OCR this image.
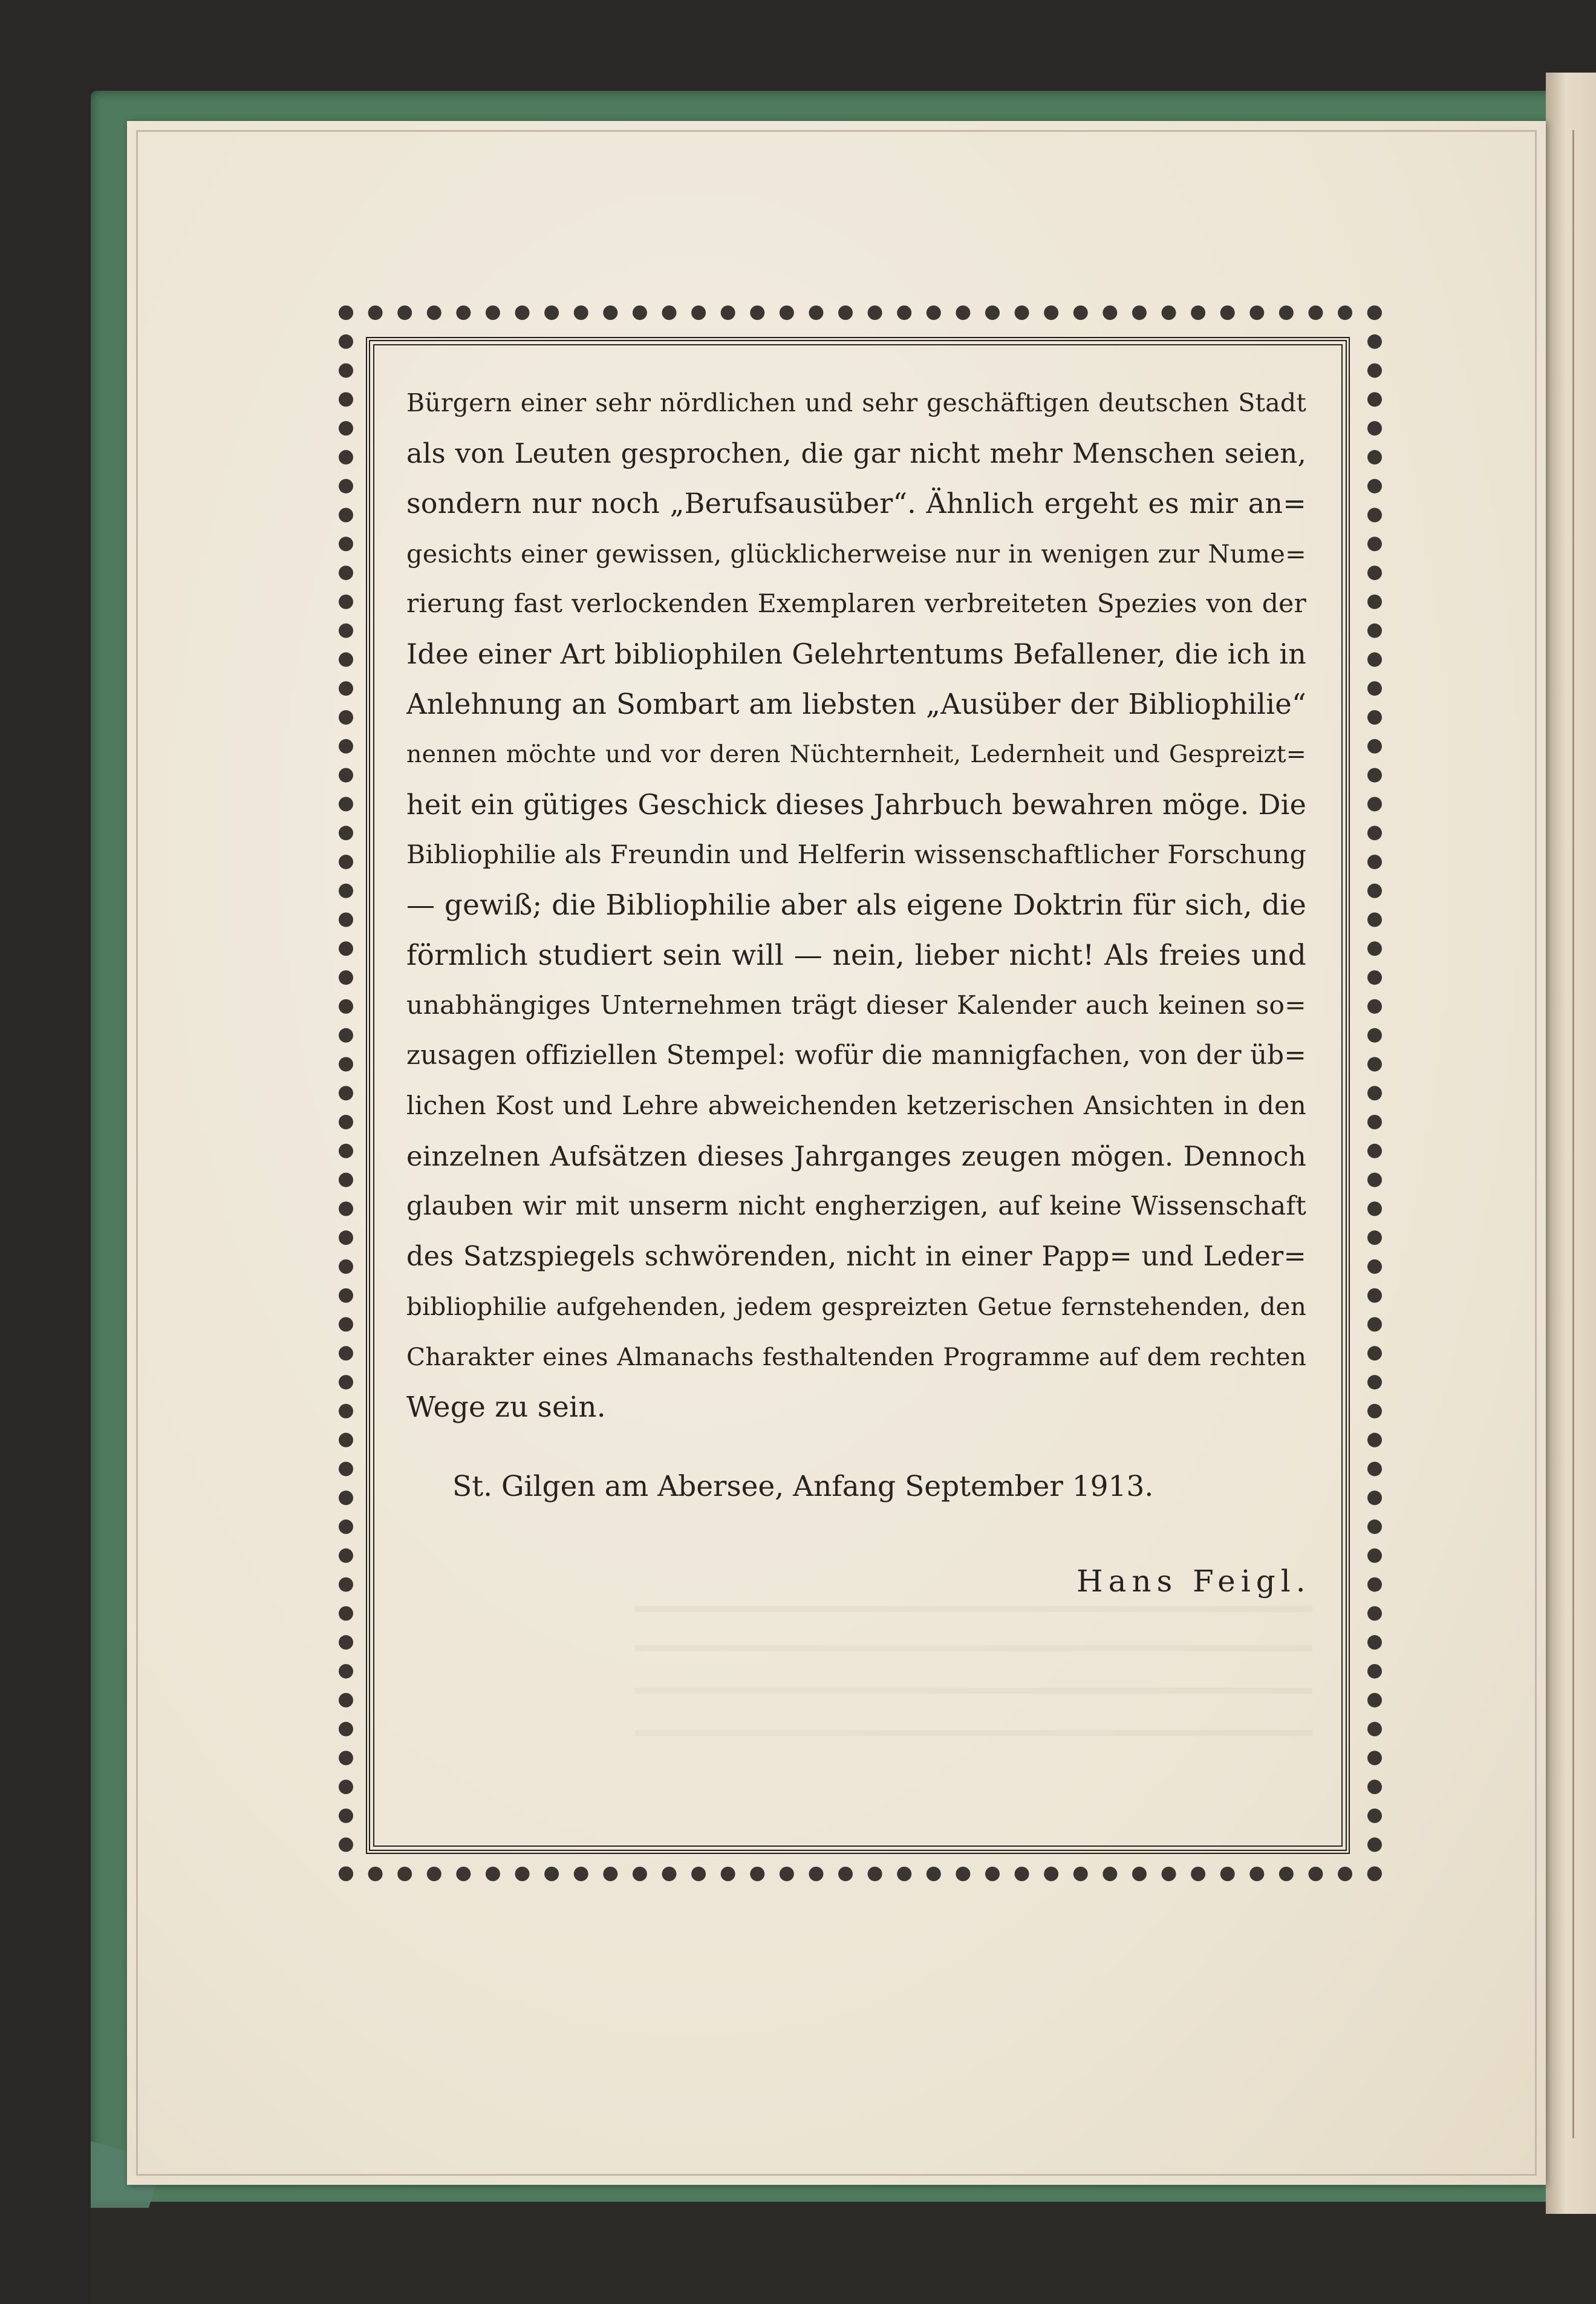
Bürgern einer sehr nördlichen und sehr geschäftigen deutschen Stadt
als von Leuten gesprochen, die gar nicht mehr Menschen seien,
sondern nur noch „Berufsausüber“. Ähnlich ergeht es mir an=
gesichts einer gewissen, glücklicherweise nur in wenigen zur Nume=
rierung fast verlockenden Exemplaren verbreiteten Spezies von der
Idee einer Art bibliophilen Gelehrtentums Befallener, die ich in
Anlehnung an Sombart am liebsten „Ausüber der Bibliophilie“
nennen möchte und vor deren Nüchternheit, Ledernheit und Gespreizt=
heit ein gütiges Geschick dieses Jahrbuch bewahren möge. Die
Bibliophilie als Freundin und Helferin wissenschaftlicher Forschung
— gewiß; die Bibliophilie aber als eigene Doktrin für sich, die
förmlich studiert sein will — nein, lieber nicht! Als freies und
unabhängiges Unternehmen trägt dieser Kalender auch keinen so=
zusagen offiziellen Stempel: wofür die mannigfachen, von der üb=
lichen Kost und Lehre abweichenden ketzerischen Ansichten in den
einzelnen Aufsätzen dieses Jahrganges zeugen mögen. Dennoch
glauben wir mit unserm nicht engherzigen, auf keine Wissenschaft
des Satzspiegels schwörenden, nicht in einer Papp= und Leder=
bibliophilie aufgehenden, jedem gespreizten Getue fernstehenden, den
Charakter eines Almanachs festhaltenden Programme auf dem rechten
Wege zu sein.
St. Gilgen am Abersee, Anfang September 1913.
Hans Feigl.
